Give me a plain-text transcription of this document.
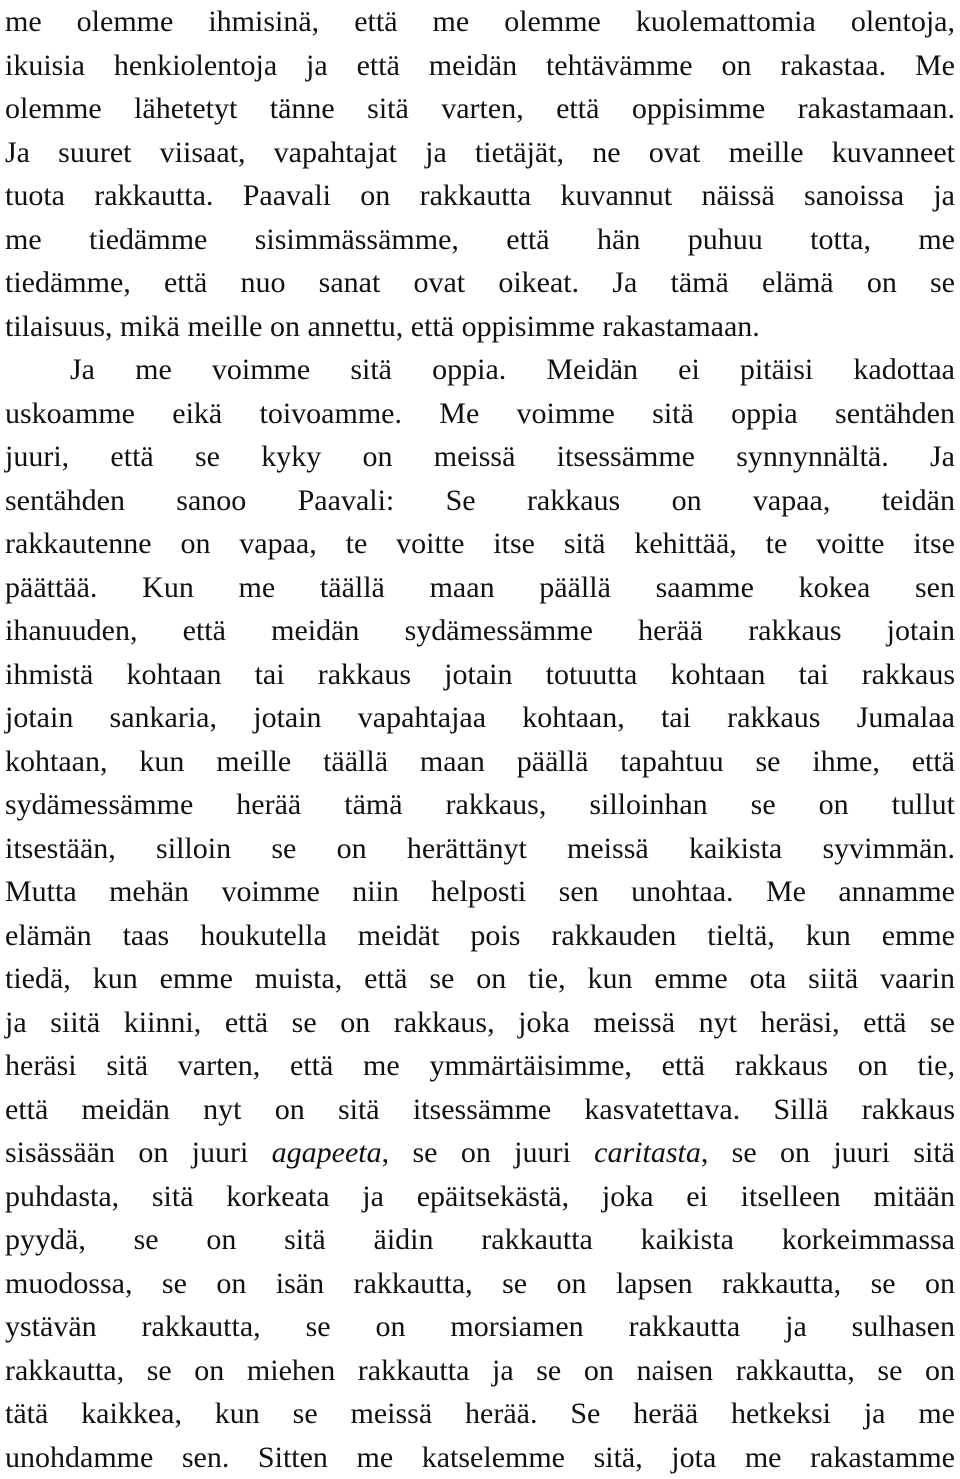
me olemme ihmisinä, että me olemme kuolemattomia olentoja,
ikuisia henkiolentoja ja että meidän tehtävämme on rakastaa. Me
olemme lähetetyt tänne sitä varten, että oppisimme rakastamaan.
Ja suuret viisaat, vapahtajat ja tietäjät, ne ovat meille kuvanneet
tuota rakkautta. Paavali on rakkautta kuvannut näissä sanoissa ja
me tiedämme sisimmässämme, että hän puhuu totta, me
tiedämme, että nuo sanat ovat oikeat. Ja tämä elämä on se
tilaisuus, mikä meille on annettu, että oppisimme rakastamaan.
Ja me voimme sitä oppia. Meidän ei pitäisi kadottaa
uskoamme eikä toivoamme. Me voimme sitä oppia sentähden
juuri, että se kyky on meissä itsessämme synnynnältä. Ja
sentähden sanoo Paavali: Se rakkaus on vapaa, teidän
rakkautenne on vapaa, te voitte itse sitä kehittää, te voitte itse
päättää. Kun me täällä maan päällä saamme kokea sen
ihanuuden, että meidän sydämessämme herää rakkaus jotain
ihmistä kohtaan tai rakkaus jotain totuutta kohtaan tai rakkaus
jotain sankaria, jotain vapahtajaa kohtaan, tai rakkaus Jumalaa
kohtaan, kun meille täällä maan päällä tapahtuu se ihme, että
sydämessämme herää tämä rakkaus, silloinhan se on tullut
itsestään, silloin se on herättänyt meissä kaikista syvimmän.
Mutta mehän voimme niin helposti sen unohtaa. Me annamme
elämän taas houkutella meidät pois rakkauden tieltä, kun emme
tiedä, kun emme muista, että se on tie, kun emme ota siitä vaarin
ja siitä kiinni, että se on rakkaus, joka meissä nyt heräsi, että se
heräsi sitä varten, että me ymmärtäisimme, että rakkaus on tie,
että meidän nyt on sitä itsessämme kasvatettava. Sillä rakkaus
sisässään on juuri agapeeta, se on juuri caritasta, se on juuri sitä
puhdasta, sitä korkeata ja epäitsekästä, joka ei itselleen mitään
pyydä, se on sitä äidin rakkautta kaikista korkeimmassa
muodossa, se on isän rakkautta, se on lapsen rakkautta, se on
ystävän rakkautta, se on morsiamen rakkautta ja sulhasen
rakkautta, se on miehen rakkautta ja se on naisen rakkautta, se on
tätä kaikkea, kun se meissä herää. Se herää hetkeksi ja me
unohdamme sen. Sitten me katselemme sitä, jota me rakastamme
